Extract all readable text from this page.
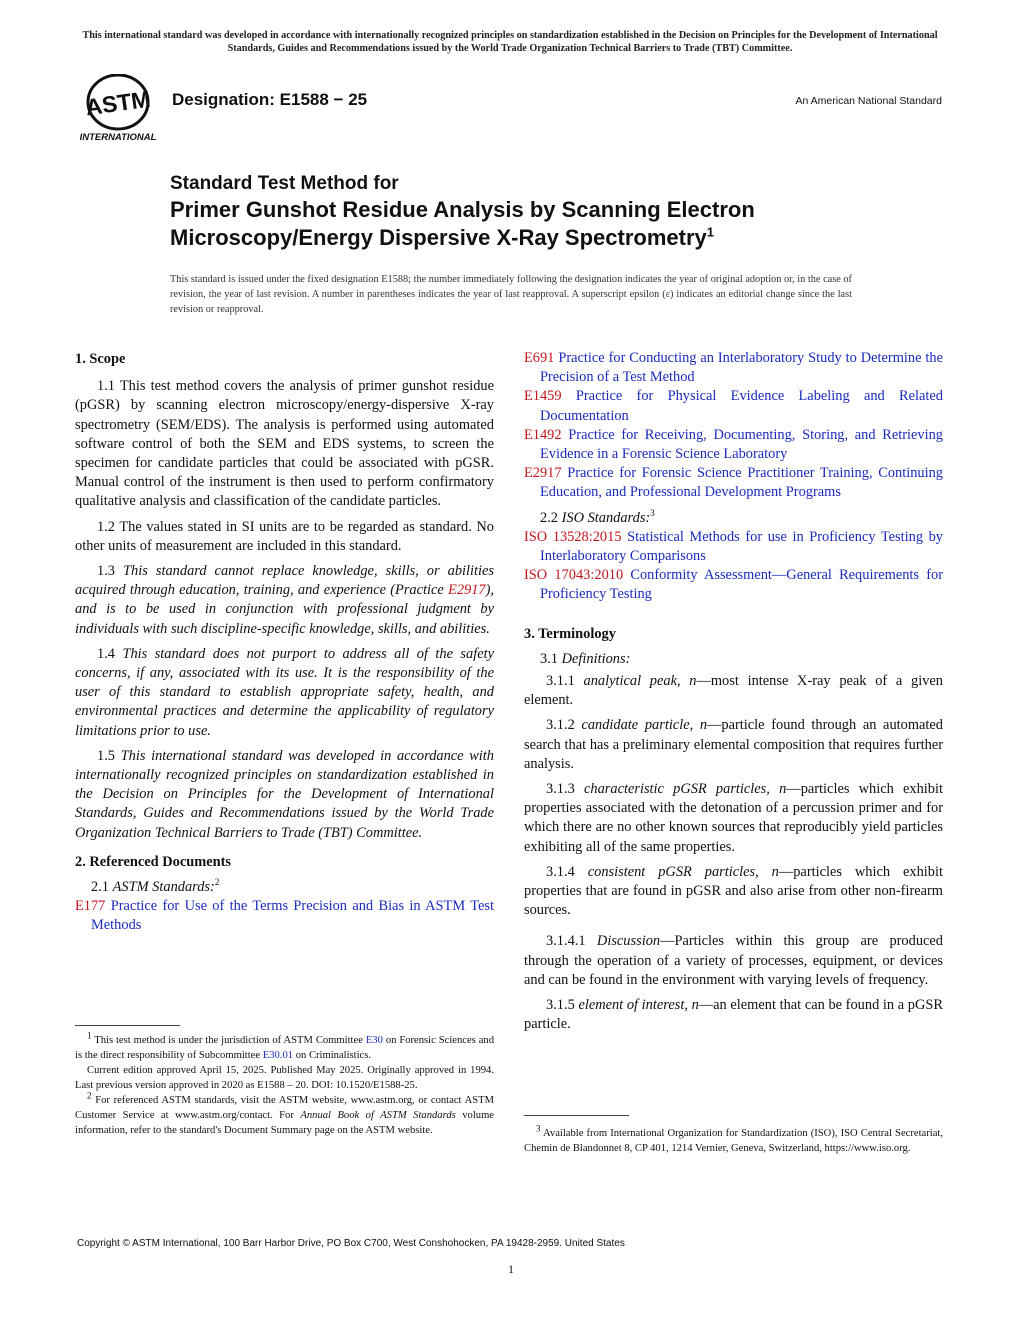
This international standard was developed in accordance with internationally recognized principles on standardization established in the Decision on Principles for the Development of International Standards, Guides and Recommendations issued by the World Trade Organization Technical Barriers to Trade (TBT) Committee.
ASTM
INTERNATIONAL
Designation: E1588 − 25	An American National Standard
Standard Test Method for
Primer Gunshot Residue Analysis by Scanning Electron
Microscopy/Energy Dispersive X-Ray Spectrometry$^1$
This standard is issued under the fixed designation E1588; the number immediately following the designation indicates the year of original adoption or, in the case of revision, the year of last revision. A number in parentheses indicates the year of last reapproval. A superscript epsilon (ε) indicates an editorial change since the last revision or reapproval.
1. Scope

1.1 This test method covers the analysis of primer gunshot residue (pGSR) by scanning electron microscopy/energy-dispersive X-ray spectrometry (SEM/EDS). The analysis is performed using automated software control of both the SEM and EDS systems, to screen the specimen for candidate particles that could be associated with pGSR. Manual control of the instrument is then used to perform confirmatory qualitative analysis and classification of the candidate particles.

1.2 The values stated in SI units are to be regarded as standard. No other units of measurement are included in this standard.

1.3 This standard cannot replace knowledge, skills, or abilities acquired through education, training, and experience (Practice E2917), and is to be used in conjunction with professional judgment by individuals with such discipline-specific knowledge, skills, and abilities.

1.4 This standard does not purport to address all of the safety concerns, if any, associated with its use. It is the responsibility of the user of this standard to establish appropriate safety, health, and environmental practices and determine the applicability of regulatory limitations prior to use.

1.5 This international standard was developed in accordance with internationally recognized principles on standardization established in the Decision on Principles for the Development of International Standards, Guides and Recommendations issued by the World Trade Organization Technical Barriers to Trade (TBT) Committee.

2. Referenced Documents
2.1 ASTM Standards:$^2$
E177 Practice for Use of the Terms Precision and Bias in ASTM Test Methods

$^1$ This test method is under the jurisdiction of ASTM Committee E30 on Forensic Sciences and is the direct responsibility of Subcommittee E30.01 on Criminalistics.

Current edition approved April 15, 2025. Published May 2025. Originally approved in 1994. Last previous version approved in 2020 as E1588 – 20. DOI: 10.1520/E1588-25.

$^2$ For referenced ASTM standards, visit the ASTM website, www.astm.org, or contact ASTM Customer Service at www.astm.org/contact. For Annual Book of ASTM Standards volume information, refer to the standard's Document Summary page on the ASTM website.

E691 Practice for Conducting an Interlaboratory Study to Determine the Precision of a Test Method
E1459 Practice for Physical Evidence Labeling and Related Documentation
E1492 Practice for Receiving, Documenting, Storing, and Retrieving Evidence in a Forensic Science Laboratory
E2917 Practice for Forensic Science Practitioner Training, Continuing Education, and Professional Development Programs
2.2 ISO Standards:$^3$
ISO 13528:2015 Statistical Methods for use in Proficiency Testing by Interlaboratory Comparisons
ISO 17043:2010 Conformity Assessment—General Requirements for Proficiency Testing
3. Terminology
3.1 Definitions:

3.1.1 analytical peak, n—most intense X-ray peak of a given element.

3.1.2 candidate particle, n—particle found through an automated search that has a preliminary elemental composition that requires further analysis.

3.1.3 characteristic pGSR particles, n—particles which exhibit properties associated with the detonation of a percussion primer and for which there are no other known sources that reproducibly yield particles exhibiting all of the same properties.

3.1.4 consistent pGSR particles, n—particles which exhibit properties that are found in pGSR and also arise from other non-firearm sources.

3.1.4.1 Discussion—Particles within this group are produced through the operation of a variety of processes, equipment, or devices and can be found in the environment with varying levels of frequency.

3.1.5 element of interest, n—an element that can be found in a pGSR particle.

$^3$ Available from International Organization for Standardization (ISO), ISO Central Secretariat, Chemin de Blandonnet 8, CP 401, 1214 Vernier, Geneva, Switzerland, https://www.iso.org.

Copyright © ASTM International, 100 Barr Harbor Drive, PO Box C700, West Conshohocken, PA 19428-2959. United States
1
